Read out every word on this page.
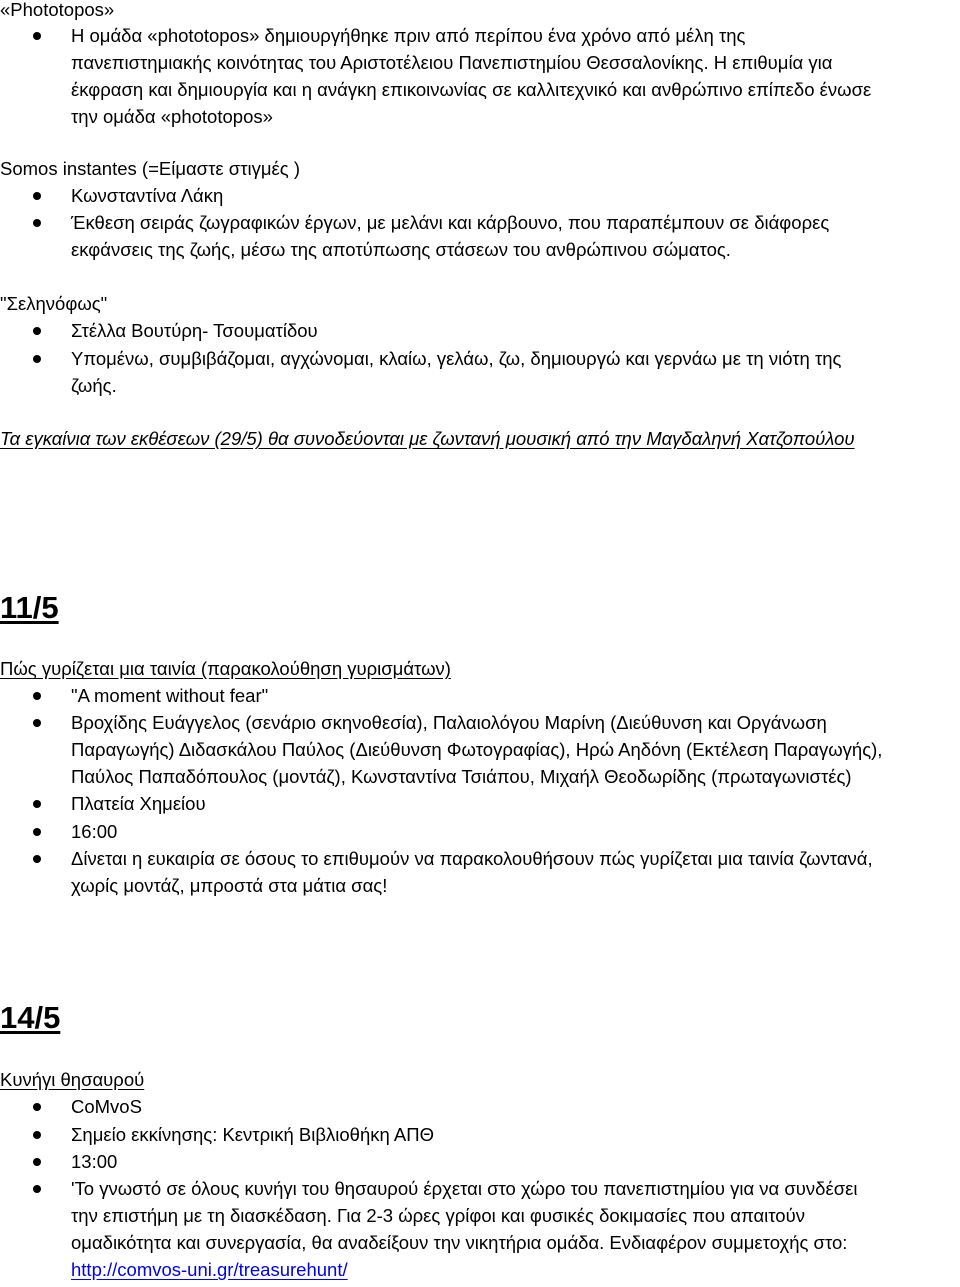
«Phototopos»
Η ομάδα «phototopos» δημιουργήθηκε πριν από περίπου ένα χρόνο από μέλη της
πανεπιστημιακής κοινότητας του Αριστοτέλειου Πανεπιστημίου Θεσσαλονίκης. Η επιθυμία για
έκφραση και δημιουργία και η ανάγκη επικοινωνίας σε καλλιτεχνικό και ανθρώπινο επίπεδο ένωσε
την ομάδα «phototopos»
Somos instantes (=Είμαστε στιγμές )
Κωνσταντίνα Λάκη
Έκθεση σειράς ζωγραφικών έργων, με μελάνι και κάρβουνο, που παραπέμπουν σε διάφορες
εκφάνσεις της ζωής, μέσω της αποτύπωσης στάσεων του ανθρώπινου σώματος.
"Σεληνόφως"
Στέλλα Βουτύρη- Τσουματίδου
Υπομένω, συμβιβάζομαι, αγχώνομαι, κλαίω, γελάω, ζω, δημιουργώ και γερνάω με τη νιότη της
ζωής.
Τα εγκαίνια των εκθέσεων (29/5) θα συνοδεύονται με ζωντανή μουσική από την Μαγδαληνή Χατζοπούλου
11/5
Πώς γυρίζεται μια ταινία (παρακολούθηση γυρισμάτων)
"A moment without fear"
Βροχίδης Ευάγγελος (σενάριο σκηνοθεσία), Παλαιολόγου Μαρίνη (Διεύθυνση και Οργάνωση
Παραγωγής) Διδασκάλου Παύλος (Διεύθυνση Φωτογραφίας), Ηρώ Αηδόνη (Εκτέλεση Παραγωγής),
Παύλος Παπαδόπουλος (μοντάζ), Κωνσταντίνα Τσιάπου, Μιχαήλ Θεοδωρίδης (πρωταγωνιστές)
Πλατεία Χημείου
16:00
Δίνεται η ευκαιρία σε όσους το επιθυμούν να παρακολουθήσουν πώς γυρίζεται μια ταινία ζωντανά,
χωρίς μοντάζ, μπροστά στα μάτια σας!
14/5
Κυνήγι θησαυρού
CoMvoS
Σημείο εκκίνησης: Κεντρική Βιβλιοθήκη ΑΠΘ
13:00
'Το γνωστό σε όλους κυνήγι του θησαυρού έρχεται στο χώρο του πανεπιστημίου για να συνδέσει
την επιστήμη με τη διασκέδαση. Για 2-3 ώρες γρίφοι και φυσικές δοκιμασίες που απαιτούν
ομαδικότητα και συνεργασία, θα αναδείξουν την νικητήρια ομάδα. Ενδιαφέρον συμμετοχής στο:
http://comvos-uni.gr/treasurehunt/
